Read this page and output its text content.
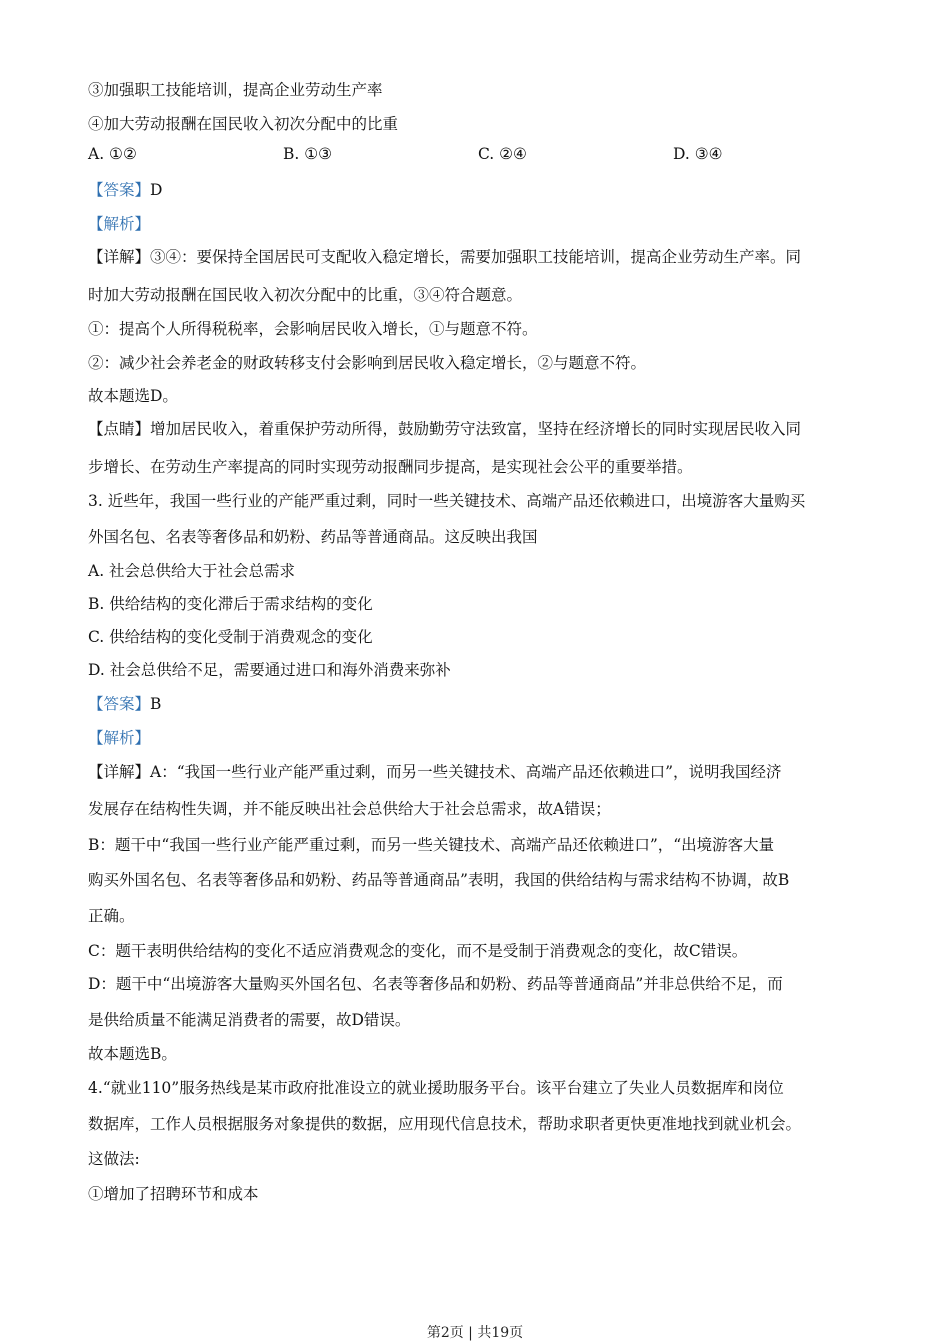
③加强职工技能培训，提高企业劳动生产率
④加大劳动报酬在国民收入初次分配中的比重
A. ①②	B. ①③	C. ②④	D. ③④
【答案】D
【解析】
【详解】③④：要保持全国居民可支配收入稳定增长，需要加强职工技能培训，提高企业劳动生产率。同
时加大劳动报酬在国民收入初次分配中的比重，③④符合题意。
①：提高个人所得税税率，会影响居民收入增长，①与题意不符。
②：减少社会养老金的财政转移支付会影响到居民收入稳定增长，②与题意不符。
故本题选D。
【点睛】增加居民收入，着重保护劳动所得，鼓励勤劳守法致富，坚持在经济增长的同时实现居民收入同
步增长、在劳动生产率提高的同时实现劳动报酬同步提高，是实现社会公平的重要举措。
3. 近些年，我国一些行业的产能严重过剩，同时一些关键技术、高端产品还依赖进口，出境游客大量购买
外国名包、名表等奢侈品和奶粉、药品等普通商品。这反映出我国
A. 社会总供给大于社会总需求
B. 供给结构的变化滞后于需求结构的变化
C. 供给结构的变化受制于消费观念的变化
D. 社会总供给不足，需要通过进口和海外消费来弥补
【答案】B
【解析】
【详解】A：“我国一些行业产能严重过剩，而另一些关键技术、高端产品还依赖进口”，说明我国经济
发展存在结构性失调，并不能反映出社会总供给大于社会总需求，故A错误；
B：题干中“我国一些行业产能严重过剩，而另一些关键技术、高端产品还依赖进口”，“出境游客大量
购买外国名包、名表等奢侈品和奶粉、药品等普通商品”表明，我国的供给结构与需求结构不协调，故B
正确。
C：题干表明供给结构的变化不适应消费观念的变化，而不是受制于消费观念的变化，故C错误。
D：题干中“出境游客大量购买外国名包、名表等奢侈品和奶粉、药品等普通商品”并非总供给不足，而
是供给质量不能满足消费者的需要，故D错误。
故本题选B。
4.“就业110”服务热线是某市政府批准设立的就业援助服务平台。该平台建立了失业人员数据库和岗位
数据库，工作人员根据服务对象提供的数据，应用现代信息技术，帮助求职者更快更准地找到就业机会。
这做法:
①增加了招聘环节和成本
第2页 | 共19页
